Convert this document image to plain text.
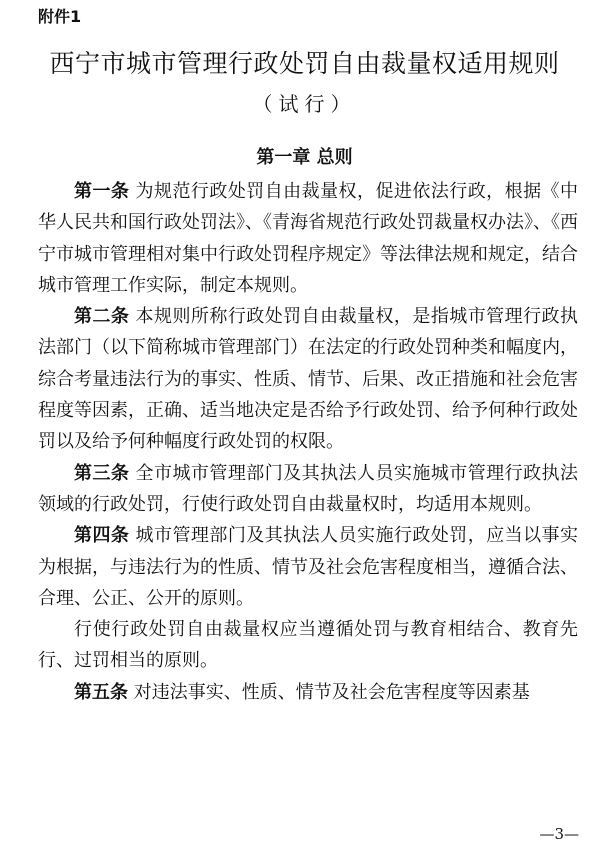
附件1
西宁市城市管理行政处罚自由裁量权适用规则
（试行）
第一章 总则

第一条 为规范行政处罚自由裁量权，促进依法行政，根据《中华人民共和国行政处罚法》、《青海省规范行政处罚裁量权办法》、《西宁市城市管理相对集中行政处罚程序规定》等法律法规和规定，结合城市管理工作实际，制定本规则。

第二条 本规则所称行政处罚自由裁量权，是指城市管理行政执法部门（以下简称城市管理部门）在法定的行政处罚种类和幅度内，综合考量违法行为的事实、性质、情节、后果、改正措施和社会危害程度等因素，正确、适当地决定是否给予行政处罚、给予何种行政处罚以及给予何种幅度行政处罚的权限。

第三条 全市城市管理部门及其执法人员实施城市管理行政执法领域的行政处罚，行使行政处罚自由裁量权时，均适用本规则。

第四条 城市管理部门及其执法人员实施行政处罚，应当以事实为根据，与违法行为的性质、情节及社会危害程度相当，遵循合法、合理、公正、公开的原则。

行使行政处罚自由裁量权应当遵循处罚与教育相结合、教育先行、过罚相当的原则。

第五条 对违法事实、性质、情节及社会危害程度等因素基

—3—
